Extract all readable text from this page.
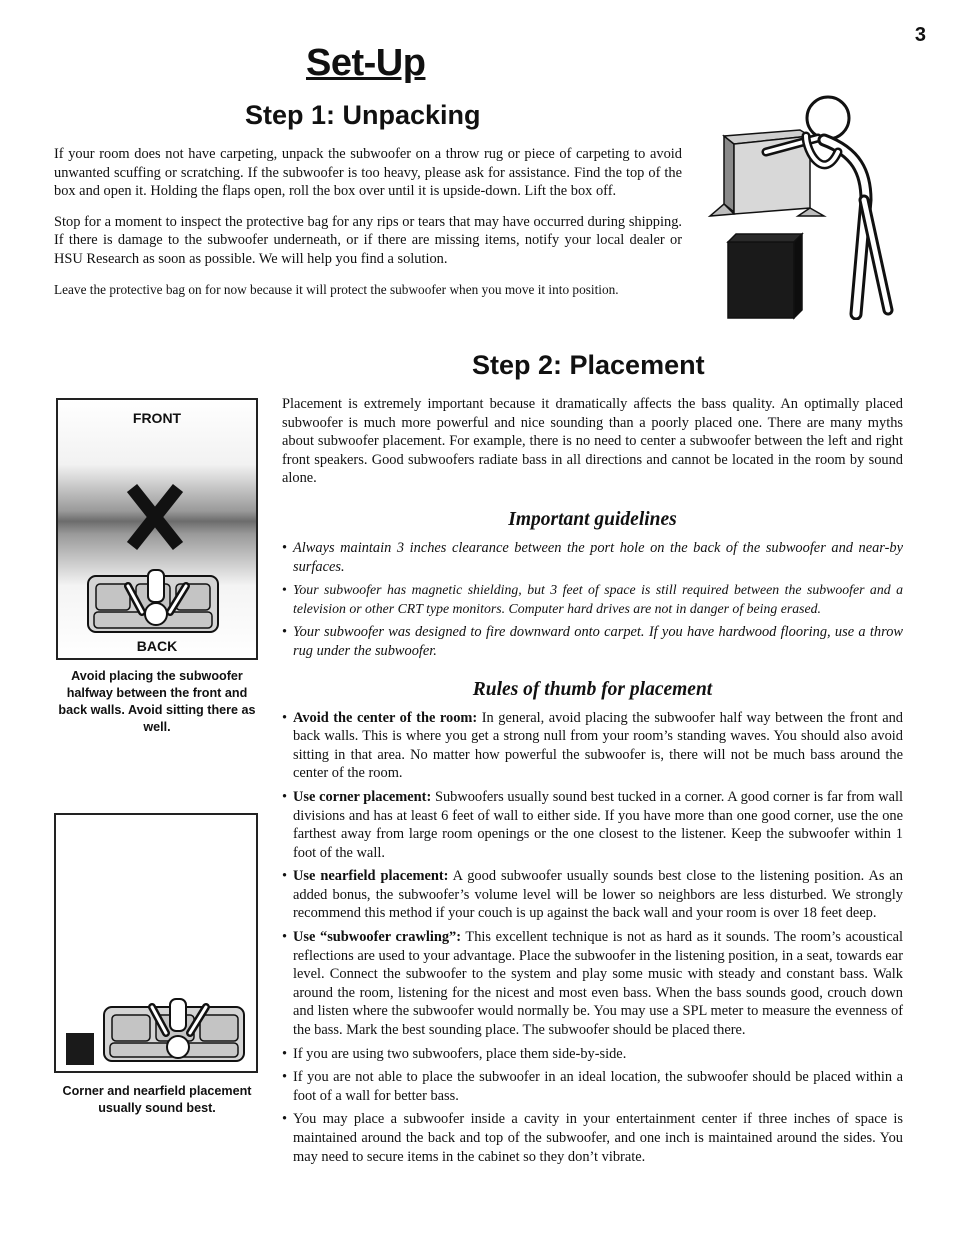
3
Set-Up
Step 1: Unpacking

If your room does not have carpeting, unpack the subwoofer on a throw rug or piece of carpeting to avoid unwanted scuffing or scratching. If the subwoofer is too heavy, please ask for assistance. Find the top of the box and open it. Holding the flaps open, roll the box over until it is upside-down. Lift the box off.

Stop for a moment to inspect the protective bag for any rips or tears that may have occurred during shipping. If there is damage to the subwoofer underneath, or if there are missing items, notify your local dealer or HSU Research as soon as possible. We will help you find a solution.

Leave the protective bag on for now because it will protect the subwoofer when you move it into position.

Step 2: Placement
FRONT
BACK
Avoid placing the subwoofer halfway between the front and back walls. Avoid sitting there as well.
Corner and nearfield placement usually sound best.

Placement is extremely important because it dramatically affects the bass quality. An optimally placed subwoofer is much more powerful and nice sounding than a poorly placed one. There are many myths about subwoofer placement. For example, there is no need to center a subwoofer between the left and right front speakers. Good subwoofers radiate bass in all directions and cannot be located in the room by sound alone.

Important guidelines

• Always maintain 3 inches clearance between the port hole on the back of the subwoofer and near-by surfaces.
• Your subwoofer has magnetic shielding, but 3 feet of space is still required between the subwoofer and a television or other CRT type monitors. Computer hard drives are not in danger of being erased.
• Your subwoofer was designed to fire downward onto carpet. If you have hardwood flooring, use a throw rug under the subwoofer.

Rules of thumb for placement

• Avoid the center of the room: In general, avoid placing the subwoofer half way between the front and back walls. This is where you get a strong null from your room’s standing waves. You should also avoid sitting in that area. No matter how powerful the subwoofer is, there will not be much bass around the center of the room.
• Use corner placement: Subwoofers usually sound best tucked in a corner. A good corner is far from wall divisions and has at least 6 feet of wall to either side. If you have more than one good corner, use the one farthest away from large room openings or the one closest to the listener. Keep the subwoofer within 1 foot of the wall.
• Use nearfield placement: A good subwoofer usually sounds best close to the listening position. As an added bonus, the subwoofer’s volume level will be lower so neighbors are less disturbed. We strongly recommend this method if your couch is up against the back wall and your room is over 18 feet deep.
• Use “subwoofer crawling”: This excellent technique is not as hard as it sounds. The room’s acoustical reflections are used to your advantage. Place the subwoofer in the listening position, in a seat, towards ear level. Connect the subwoofer to the system and play some music with steady and constant bass. Walk around the room, listening for the nicest and most even bass. When the bass sounds good, crouch down and listen where the subwoofer would normally be. You may use a SPL meter to measure the evenness of the bass. Mark the best sounding place. The subwoofer should be placed there.
• If you are using two subwoofers, place them side-by-side.
• If you are not able to place the subwoofer in an ideal location, the subwoofer should be placed within a foot of a wall for better bass.
• You may place a subwoofer inside a cavity in your entertainment center if three inches of space is maintained around the back and top of the subwoofer, and one inch is maintained around the sides. You may need to secure items in the cabinet so they don’t vibrate.
